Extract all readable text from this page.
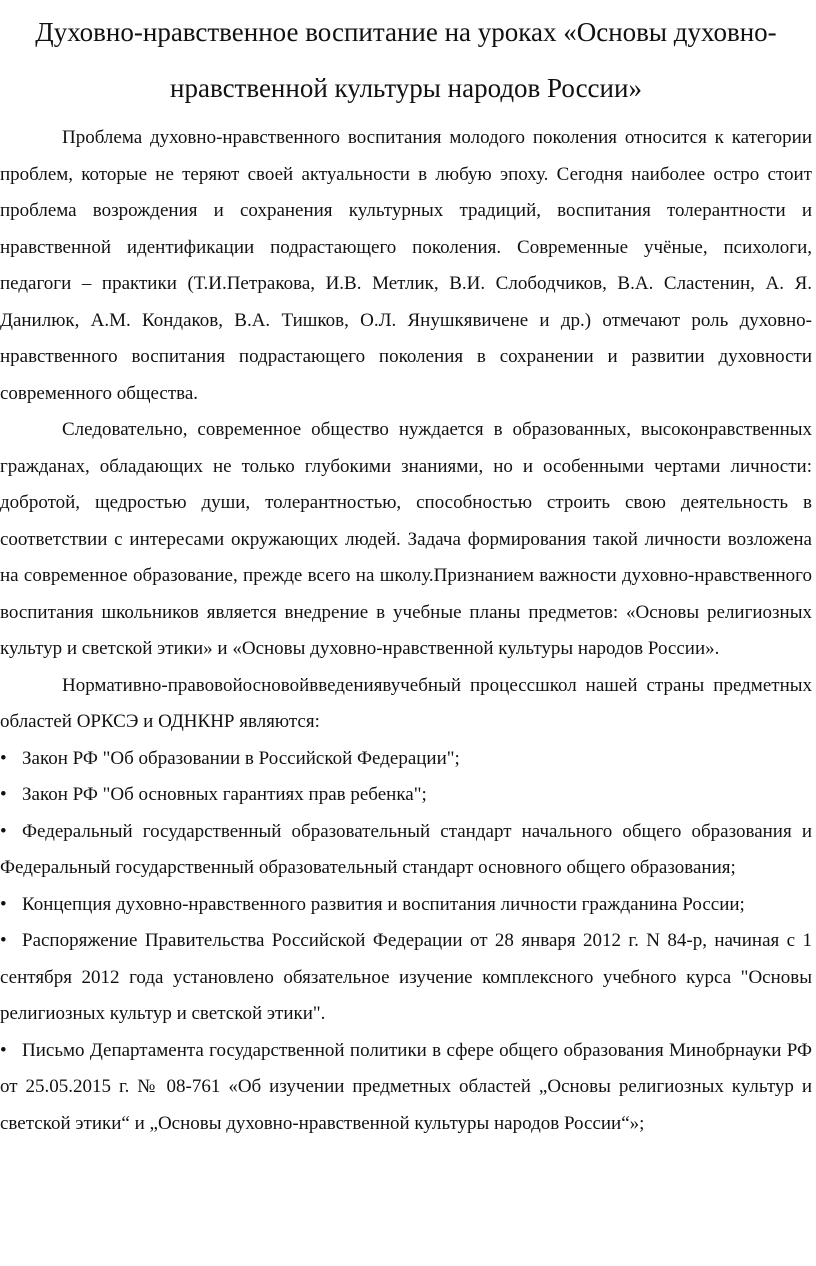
Духовно-нравственное воспитание на уроках «Основы духовно-нравственной культуры народов России»

Проблема духовно-нравственного воспитания молодого поколения относится к категории проблем, которые не теряют своей актуальности в любую эпоху. Сегодня наиболее остро стоит проблема возрождения и сохранения культурных традиций, воспитания толерантности и нравственной идентификации подрастающего поколения. Современные учёные, психологи, педагоги – практики (Т.И.Петракова, И.В. Метлик, В.И. Слободчиков, В.А. Сластенин, А. Я. Данилюк, А.М. Кондаков, В.А. Тишков, О.Л. Янушкявичене и др.) отмечают роль духовно-нравственного воспитания подрастающего поколения в сохранении и развитии духовности современного общества.

Следовательно, современное общество нуждается в образованных, высоконравственных гражданах, обладающих не только глубокими знаниями, но и особенными чертами личности: добротой, щедростью души, толерантностью, способностью строить свою деятельность в соответствии с интересами окружающих людей. Задача формирования такой личности возложена на современное образование, прежде всего на школу.Признанием важности духовно-нравственного воспитания школьников является внедрение в учебные планы предметов: «Основы религиозных культур и светской этики» и «Основы духовно-нравственной культуры народов России».

Нормативно-правовойосновойвведениявучебный процессшкол нашей страны предметных областей ОРКСЭ и ОДНКНР являются:

• Закон РФ "Об образовании в Российской Федерации";
• Закон РФ "Об основных гарантиях прав ребенка";
• Федеральный государственный образовательный стандарт начального общего образования и Федеральный государственный образовательный стандарт основного общего образования;
• Концепция духовно-нравственного развития и воспитания личности гражданина России;
• Распоряжение Правительства Российской Федерации от 28 января 2012 г. N 84-р, начиная с 1 сентября 2012 года установлено обязательное изучение комплексного учебного курса "Основы религиозных культур и светской этики".
• Письмо Департамента государственной политики в сфере общего образования Минобрнауки РФ от 25.05.2015 г. № 08-761 «Об изучении предметных областей „Основы религиозных культур и светской этики“ и „Основы духовно-нравственной культуры народов России“»;
